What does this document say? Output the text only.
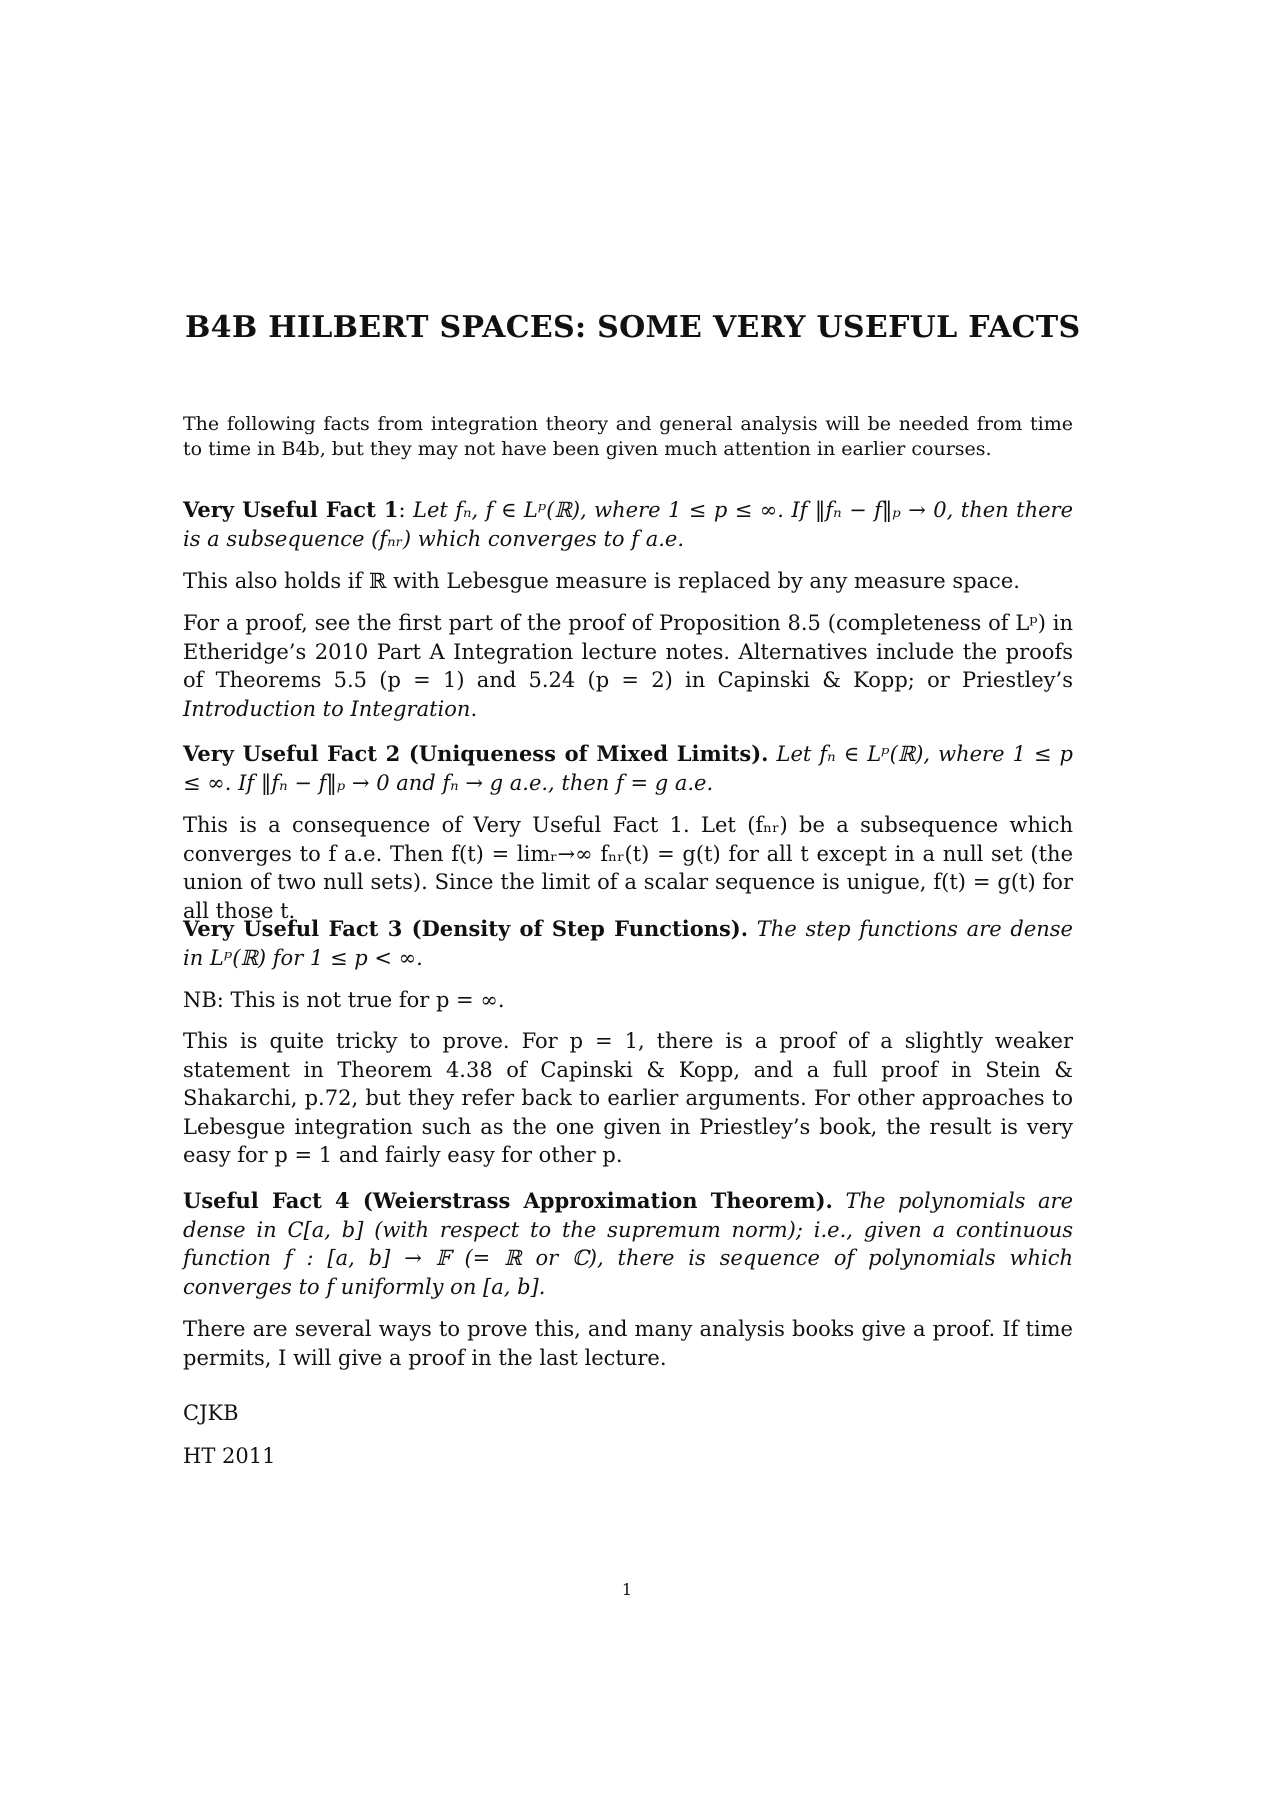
B4B HILBERT SPACES: SOME VERY USEFUL FACTS

The following facts from integration theory and general analysis will be needed from time to time in B4b, but they may not have been given much attention in earlier courses.

Very Useful Fact 1: Let fₙ, f ∈ Lᵖ(ℝ), where 1 ≤ p ≤ ∞. If ‖fₙ − f‖ₚ → 0, then there is a subsequence (fₙᵣ) which converges to f a.e.

This also holds if ℝ with Lebesgue measure is replaced by any measure space.

For a proof, see the first part of the proof of Proposition 8.5 (completeness of Lᵖ) in Etheridge’s 2010 Part A Integration lecture notes. Alternatives include the proofs of Theorems 5.5 (p = 1) and 5.24 (p = 2) in Capinski & Kopp; or Priestley’s Introduction to Integration.

Very Useful Fact 2 (Uniqueness of Mixed Limits). Let fₙ ∈ Lᵖ(ℝ), where 1 ≤ p ≤ ∞. If ‖fₙ − f‖ₚ → 0 and fₙ → g a.e., then f = g a.e.

This is a consequence of Very Useful Fact 1. Let (fₙᵣ) be a subsequence which converges to f a.e. Then f(t) = limᵣ→∞ fₙᵣ(t) = g(t) for all t except in a null set (the union of two null sets). Since the limit of a scalar sequence is unigue, f(t) = g(t) for all those t.

Very Useful Fact 3 (Density of Step Functions). The step functions are dense in Lᵖ(ℝ) for 1 ≤ p < ∞.

NB: This is not true for p = ∞.

This is quite tricky to prove. For p = 1, there is a proof of a slightly weaker statement in Theorem 4.38 of Capinski & Kopp, and a full proof in Stein & Shakarchi, p.72, but they refer back to earlier arguments. For other approaches to Lebesgue integration such as the one given in Priestley’s book, the result is very easy for p = 1 and fairly easy for other p.

Useful Fact 4 (Weierstrass Approximation Theorem). The polynomials are dense in C[a, b] (with respect to the supremum norm); i.e., given a continuous function f : [a, b] → 𝔽 (= ℝ or ℂ), there is sequence of polynomials which converges to f uniformly on [a, b].

There are several ways to prove this, and many analysis books give a proof. If time permits, I will give a proof in the last lecture.

CJKB

HT 2011

1
